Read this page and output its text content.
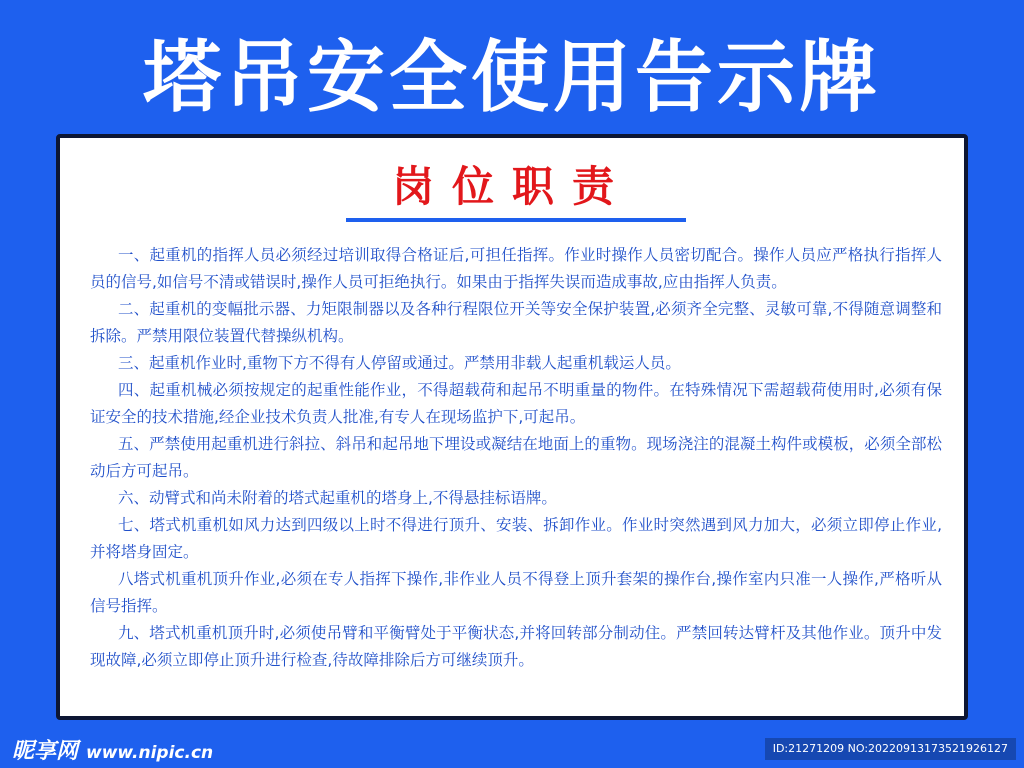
塔吊安全使用告示牌
岗位职责

一、起重机的指挥人员必须经过培训取得合格证后,可担任指挥。作业时操作人员密切配合。操作人员应严格执行指挥人员的信号,如信号不清或错误时,操作人员可拒绝执行。如果由于指挥失误而造成事故,应由指挥人负责。

二、起重机的变幅批示器、力矩限制器以及各种行程限位开关等安全保护装置,必须齐全完整、灵敏可靠,不得随意调整和拆除。严禁用限位装置代替操纵机构。

三、起重机作业时,重物下方不得有人停留或通过。严禁用非载人起重机载运人员。

四、起重机械必须按规定的起重性能作业，不得超载荷和起吊不明重量的物件。在特殊情况下需超载荷使用时,必须有保证安全的技术措施,经企业技术负责人批准,有专人在现场监护下,可起吊。

五、严禁使用起重机进行斜拉、斜吊和起吊地下埋设或凝结在地面上的重物。现场浇注的混凝土构件或模板，必须全部松动后方可起吊。

六、动臂式和尚未附着的塔式起重机的塔身上,不得悬挂标语牌。

七、塔式机重机如风力达到四级以上时不得进行顶升、安装、拆卸作业。作业时突然遇到风力加大，必须立即停止作业,并将塔身固定。

八塔式机重机顶升作业,必须在专人指挥下操作,非作业人员不得登上顶升套架的操作台,操作室内只准一人操作,严格听从信号指挥。

九、塔式机重机顶升时,必须使吊臂和平衡臂处于平衡状态,并将回转部分制动住。严禁回转达臂杆及其他作业。顶升中发现故障,必须立即停止顶升进行检查,待故障排除后方可继续顶升。

昵享网 www.nipic.cn	ID:21271209 NO:20220913173521926127
